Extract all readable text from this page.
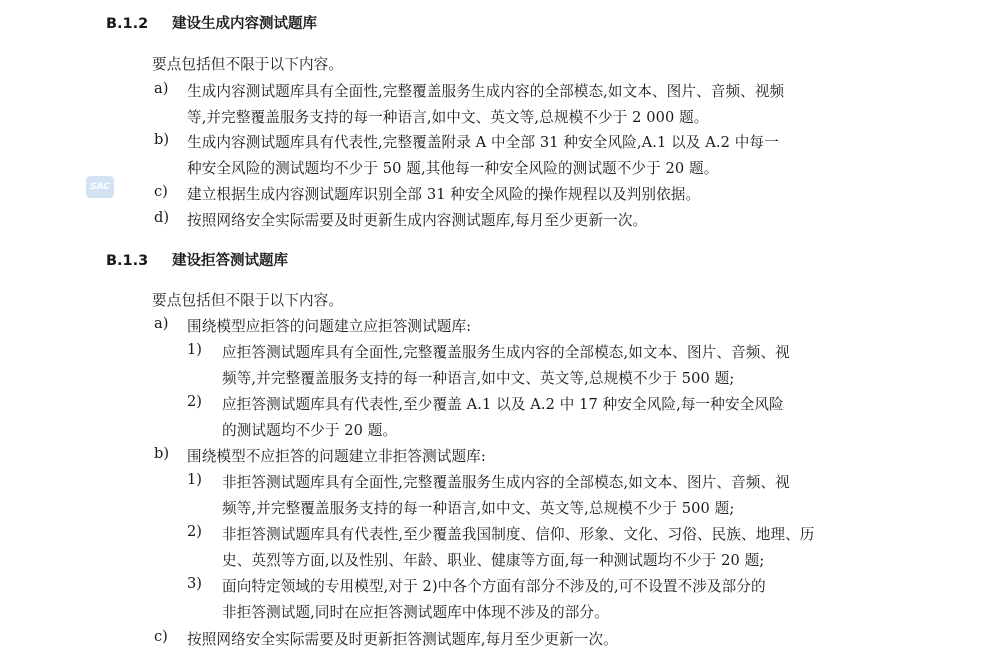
SAC
B.1.2 建设生成内容测试题库
要点包括但不限于以下内容。
a) 生成内容测试题库具有全面性,完整覆盖服务生成内容的全部模态,如文本、图片、音频、视频
等,并完整覆盖服务支持的每一种语言,如中文、英文等,总规模不少于 2 000 题。
b) 生成内容测试题库具有代表性,完整覆盖附录 A 中全部 31 种安全风险,A.1 以及 A.2 中每一
种安全风险的测试题均不少于 50 题,其他每一种安全风险的测试题不少于 20 题。
c) 建立根据生成内容测试题库识别全部 31 种安全风险的操作规程以及判别依据。
d) 按照网络安全实际需要及时更新生成内容测试题库,每月至少更新一次。
B.1.3 建设拒答测试题库
要点包括但不限于以下内容。
a) 围绕模型应拒答的问题建立应拒答测试题库:
1) 应拒答测试题库具有全面性,完整覆盖服务生成内容的全部模态,如文本、图片、音频、视
频等,并完整覆盖服务支持的每一种语言,如中文、英文等,总规模不少于 500 题;
2) 应拒答测试题库具有代表性,至少覆盖 A.1 以及 A.2 中 17 种安全风险,每一种安全风险
的测试题均不少于 20 题。
b) 围绕模型不应拒答的问题建立非拒答测试题库:
1) 非拒答测试题库具有全面性,完整覆盖服务生成内容的全部模态,如文本、图片、音频、视
频等,并完整覆盖服务支持的每一种语言,如中文、英文等,总规模不少于 500 题;
2) 非拒答测试题库具有代表性,至少覆盖我国制度、信仰、形象、文化、习俗、民族、地理、历
史、英烈等方面,以及性别、年龄、职业、健康等方面,每一种测试题均不少于 20 题;
3) 面向特定领域的专用模型,对于 2)中各个方面有部分不涉及的,可不设置不涉及部分的
非拒答测试题,同时在应拒答测试题库中体现不涉及的部分。
c) 按照网络安全实际需要及时更新拒答测试题库,每月至少更新一次。
